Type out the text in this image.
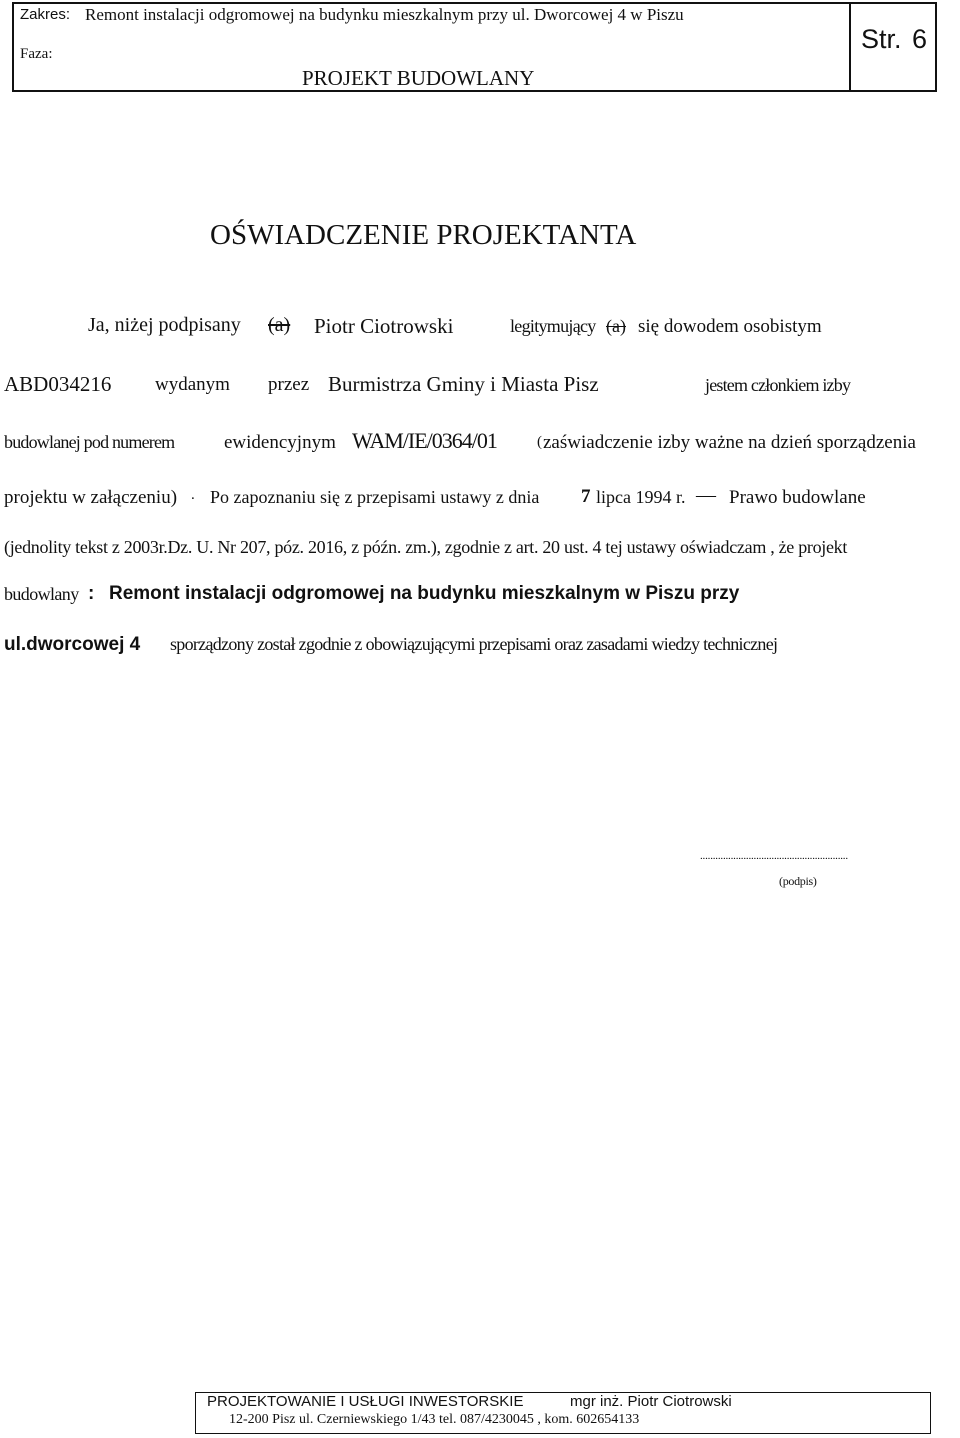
Zakres: Remont instalacji odgromowej na budynku mieszkalnym przy ul. Dworcowej 4 w Piszu
Faza:
PROJEKT BUDOWLANY
Str. 6
OŚWIADCZENIE PROJEKTANTA
Ja, niżej podpisany (a) Piotr Ciotrowski	legitymujący (a) się dowodem osobistym
ABD034216 wydanym przez Burmistrza Gminy i Miasta Pisz	jestem członkiem izby
budowlanej pod numerem	ewidencyjnym WAM/IE/0364/01	( zaświadczenie izby ważne na dzień sporządzenia
projektu w załączeniu) . Po zapoznaniu się z przepisami ustawy z dnia 7 lipca 1994 r. — Prawo budowlane
(jednolity tekst z 2003r.Dz. U. Nr 207, póz. 2016, z późn. zm.), zgodnie z art. 20 ust. 4 tej ustawy oświadczam , że projekt
budowlany : Remont instalacji odgromowej na budynku mieszkalnym w Piszu przy
ul.dworcowej 4 sporządzony został zgodnie z obowiązującymi przepisami oraz zasadami wiedzy technicznej
..........................................................
(podpis)
PROJEKTOWANIE I USŁUGI INWESTORSKIE	mgr inż. Piotr Ciotrowski
12-200 Pisz ul. Czerniewskiego 1/43 tel. 087/4230045 , kom. 602654133
